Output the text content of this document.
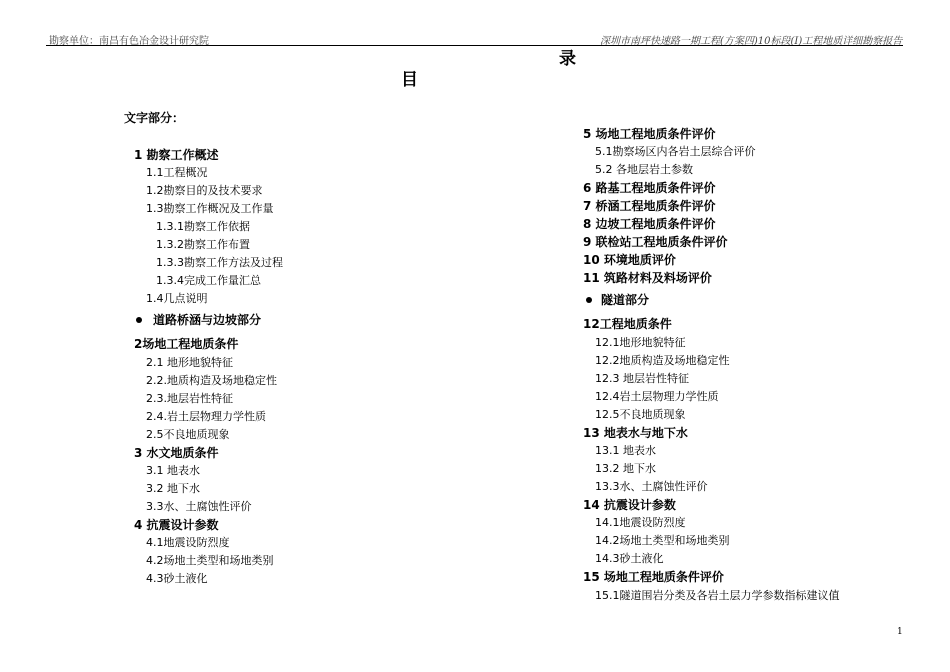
勘察单位：南昌有色冶金设计研究院	深圳市南坪快速路一期工程(方案四)10标段(I)工程地质详细勘察报告
录
目
文字部分：
1 勘察工作概述
1.1工程概况
1.2勘察目的及技术要求
1.3勘察工作概况及工作量
1.3.1勘察工作依据
1.3.2勘察工作布置
1.3.3勘察工作方法及过程
1.3.4完成工作量汇总
1.4几点说明
道路桥涵与边坡部分
2场地工程地质条件
2.1 地形地貌特征
2.2.地质构造及场地稳定性
2.3.地层岩性特征
2.4.岩土层物理力学性质
2.5不良地质现象
3 水文地质条件
3.1 地表水
3.2 地下水
3.3水、土腐蚀性评价
4 抗震设计参数
4.1地震设防烈度
4.2场地土类型和场地类别
4.3砂土液化
5 场地工程地质条件评价
5.1勘察场区内各岩土层综合评价
5.2 各地层岩土参数
6 路基工程地质条件评价
7 桥涵工程地质条件评价
8 边坡工程地质条件评价
9 联检站工程地质条件评价
10 环境地质评价
11 筑路材料及料场评价
隧道部分
12工程地质条件
12.1地形地貌特征
12.2地质构造及场地稳定性
12.3 地层岩性特征
12.4岩土层物理力学性质
12.5不良地质现象
13 地表水与地下水
13.1 地表水
13.2 地下水
13.3水、土腐蚀性评价
14 抗震设计参数
14.1地震设防烈度
14.2场地土类型和场地类别
14.3砂土液化
15 场地工程地质条件评价
15.1隧道围岩分类及各岩土层力学参数指标建议值
1
